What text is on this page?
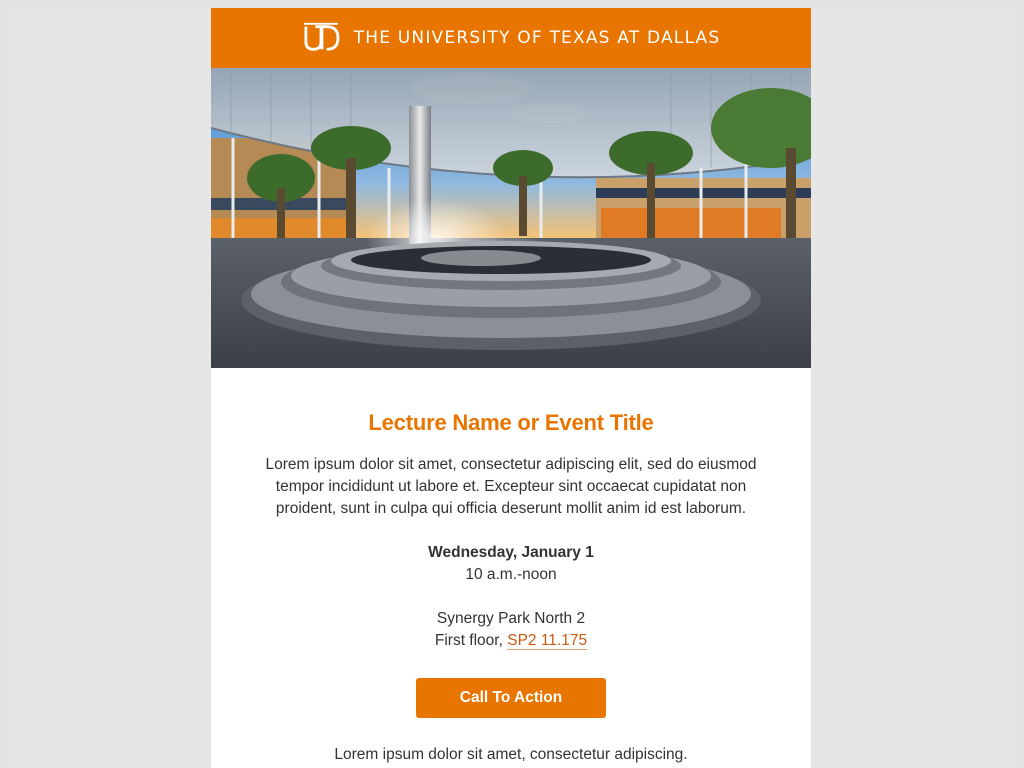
THE UNIVERSITY OF TEXAS AT DALLAS
Lecture Name or Event Title

Lorem ipsum dolor sit amet, consectetur adipiscing elit, sed do eiusmod tempor incididunt ut labore et. Excepteur sint occaecat cupidatat non proident, sunt in culpa qui officia deserunt mollit anim id est laborum.

Wednesday, January 1
10 a.m.-noon
Synergy Park North 2
First floor, SP2 11.175
Call To Action
Lorem ipsum dolor sit amet, consectetur adipiscing.
